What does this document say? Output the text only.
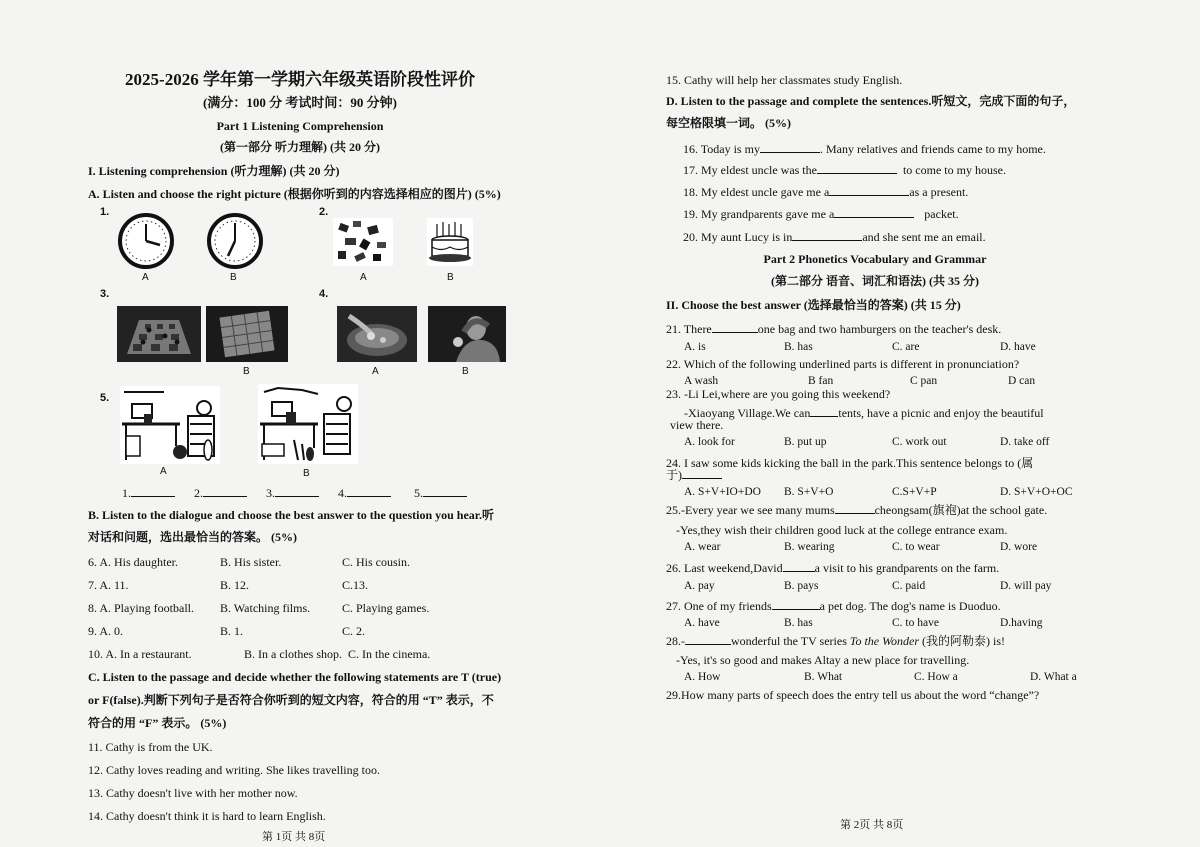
2025-2026 学年第一学期六年级英语阶段性评价
(满分：100 分 考试时间：90 分钟)
Part 1 Listening Comprehension
(第一部分 听力理解) (共 20 分)
I. Listening comprehension (听力理解) (共 20 分)
A. Listen and choose the right picture (根据你听到的内容选择相应的图片) (5%)
1.
A	B
2.
A	B
3.
B
4.
A	B
5.
A	B
1.	2.	3.	4.	5.
B. Listen to the dialogue and choose the best answer to the question you hear.听
对话和问题，选出最恰当的答案。 (5%)
6. A. His daughter.	B. His sister.	C. His cousin.
7. A. 11.	B. 12.	C.13.
8. A. Playing football. B. Watching films.	C. Playing games.
9. A. 0.	B. 1.	C. 2.
10. A. In a restaurant.	B. In a clothes shop. C. In the cinema.
C. Listen to the passage and decide whether the following statements are T (true)
or F(false).判断下列句子是否符合你听到的短文内容，符合的用 “T” 表示，不
符合的用 “F” 表示。 (5%)
11. Cathy is from the UK.
12. Cathy loves reading and writing. She likes travelling too.
13. Cathy doesn't live with her mother now.
14. Cathy doesn't think it is hard to learn English.
第 1页 共 8页
15. Cathy will help her classmates study English.
D. Listen to the passage and complete the sentences.听短文，完成下面的句子，
每空格限填一词。 (5%)
16. Today is my	. Many relatives and friends came to my home.
17. My eldest uncle was the	to come to my house.
18. My eldest uncle gave me a	as a present.
19. My grandparents gave me a	packet.
20. My aunt Lucy is in	and she sent me an email.
Part 2 Phonetics Vocabulary and Grammar
(第二部分 语音、词汇和语法) (共 35 分)
II. Choose the best answer (选择最恰当的答案) (共 15 分)
21. There	one bag and two hamburgers on the teacher's desk.
A. is	B. has	C. are	D. have
22. Which of the following underlined parts is different in pronunciation?
A wash	B fan	C pan	D can
23. -Li Lei,where are you going this weekend?
-Xiaoyang Village.We can tents, have a picnic and enjoy the beautiful
view there.
A. look for	B. put up	C. work out	D. take off
24. I saw some kids kicking the ball in the park.This sentence belongs to (属
于)
A. S+V+IO+DO B. S+V+O	C.S+V+P	D. S+V+O+OC
25.-Every year we see many mums	cheongsam(旗袍)at the school gate.
-Yes,they wish their children good luck at the college entrance exam.
A. wear	B. wearing	C. to wear	D. wore
26. Last weekend,David	a visit to his grandparents on the farm.
A. pay	B. pays	C. paid	D. will pay
27. One of my friends	a pet dog. The dog's name is Duoduo.
A. have	B. has	C. to have	D.having
28.-	wonderful the TV series To the Wonder (我的阿勒泰) is!
-Yes, it's so good and makes Altay a new place for travelling.
A. How	B. What	C. How a	D. What a
29.How many parts of speech does the entry tell us about the word “change”?
第 2页 共 8页
